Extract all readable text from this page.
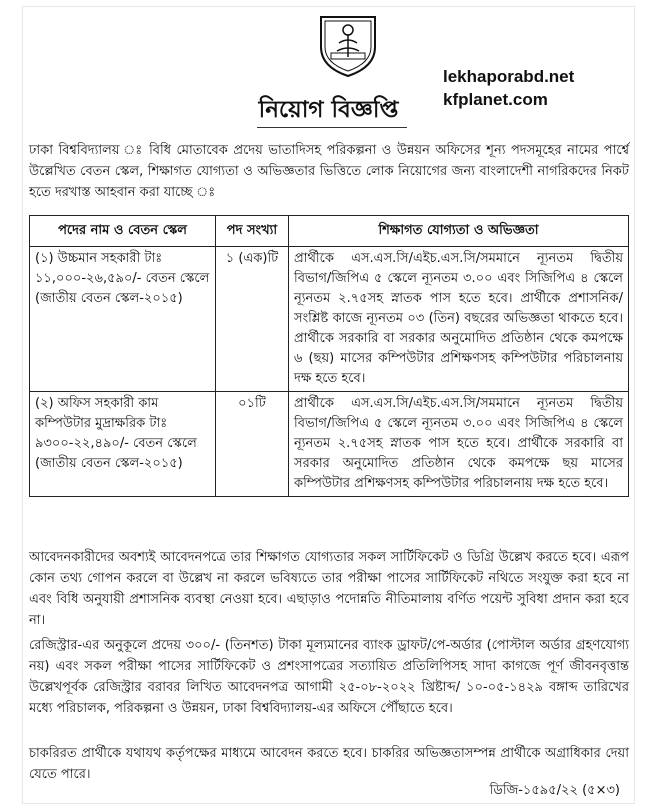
lekhaporabd.net
kfplanet.com
নিয়োগ বিজ্ঞপ্তি
ঢাকা বিশ্ববিদ্যালয় ঃ বিধি মোতাবেক প্রদেয় ভাতাদিসহ পরিকল্পনা ও উন্নয়ন অফিসের শূন্য পদসমূহের নামের পার্শ্বে উল্লেখিত বেতন স্কেল, শিক্ষাগত যোগ্যতা ও অভিজ্ঞতার ভিত্তিতে লোক নিয়োগের জন্য বাংলাদেশী নাগরিকদের নিকট হতে দরখাস্ত আহবান করা যাচ্ছে ঃ
পদের নাম ও বেতন স্কেল	পদ সংখ্যা	শিক্ষাগত যোগ্যতা ও অভিজ্ঞতা
(১) উচ্চমান সহকারী টাঃ ১১,০০০-২৬,৫৯০/- বেতন স্কেলে (জাতীয় বেতন স্কেল-২০১৫)	১ (এক)টি	প্রার্থীকে এস.এস.সি/এইচ.এস.সি/সমমানে ন্যূনতম দ্বিতীয় বিভাগ/জিপিএ ৫ স্কেলে ন্যূনতম ৩.০০ এবং সিজিপিএ ৪ স্কেলে ন্যূনতম ২.৭৫সহ স্নাতক পাস হতে হবে। প্রার্থীকে প্রশাসনিক/সংশ্লিষ্ট কাজে ন্যূনতম ০৩ (তিন) বছরের অভিজ্ঞতা থাকতে হবে। প্রার্থীকে সরকারি বা সরকার অনুমোদিত প্রতিষ্ঠান থেকে কমপক্ষে ৬ (ছয়) মাসের কম্পিউটার প্রশিক্ষণসহ কম্পিউটার পরিচালনায় দক্ষ হতে হবে।
(২) অফিস সহকারী কাম কম্পিউটার মুদ্রাক্ষরিক টাঃ ৯৩০০-২২,৪৯০/- বেতন স্কেলে (জাতীয় বেতন স্কেল-২০১৫)	০১টি	প্রার্থীকে এস.এস.সি/এইচ.এস.সি/সমমানে ন্যূনতম দ্বিতীয় বিভাগ/জিপিএ ৫ স্কেলে ন্যূনতম ৩.০০ এবং সিজিপিএ ৪ স্কেলে ন্যূনতম ২.৭৫সহ স্নাতক পাস হতে হবে। প্রার্থীকে সরকারি বা সরকার অনুমোদিত প্রতিষ্ঠান থেকে কমপক্ষে ছয় মাসের কম্পিউটার প্রশিক্ষণসহ কম্পিউটার পরিচালনায় দক্ষ হতে হবে।
আবেদনকারীদের অবশ্যই আবেদনপত্রে তার শিক্ষাগত যোগ্যতার সকল সার্টিফিকেট ও ডিগ্রি উল্লেখ করতে হবে। এরূপ কোন তথ্য গোপন করলে বা উল্লেখ না করলে ভবিষ্যতে তার পরীক্ষা পাসের সার্টিফিকেট নথিতে সংযুক্ত করা হবে না এবং বিধি অনুযায়ী প্রশাসনিক ব্যবস্থা নেওয়া হবে। এছাড়াও পদোন্নতি নীতিমালায় বর্ণিত পয়েন্ট সুবিধা প্রদান করা হবে না।
রেজিস্ট্রার-এর অনুকূলে প্রদেয় ৩০০/- (তিনশত) টাকা মূল্যমানের ব্যাংক ড্রাফট/পে-অর্ডার (পোস্টাল অর্ডার গ্রহণযোগ্য নয়) এবং সকল পরীক্ষা পাসের সার্টিফিকেট ও প্রশংসাপত্রের সত্যায়িত প্রতিলিপিসহ সাদা কাগজে পূর্ণ জীবনবৃত্তান্ত উল্লেখপূর্বক রেজিস্ট্রার বরাবর লিখিত আবেদনপত্র আগামী ২৫-০৮-২০২২ খ্রিষ্টাব্দ/ ১০-০৫-১৪২৯ বঙ্গাব্দ তারিখের মধ্যে পরিচালক, পরিকল্পনা ও উন্নয়ন, ঢাকা বিশ্ববিদ্যালয়-এর অফিসে পৌঁছাতে হবে।
চাকরিরত প্রার্থীকে যথাযথ কর্তৃপক্ষের মাধ্যমে আবেদন করতে হবে। চাকরির অভিজ্ঞতাসম্পন্ন প্রার্থীকে অগ্রাধিকার দেয়া যেতে পারে।
ডিজি-১৫৯৫/২২ (৫×৩)
